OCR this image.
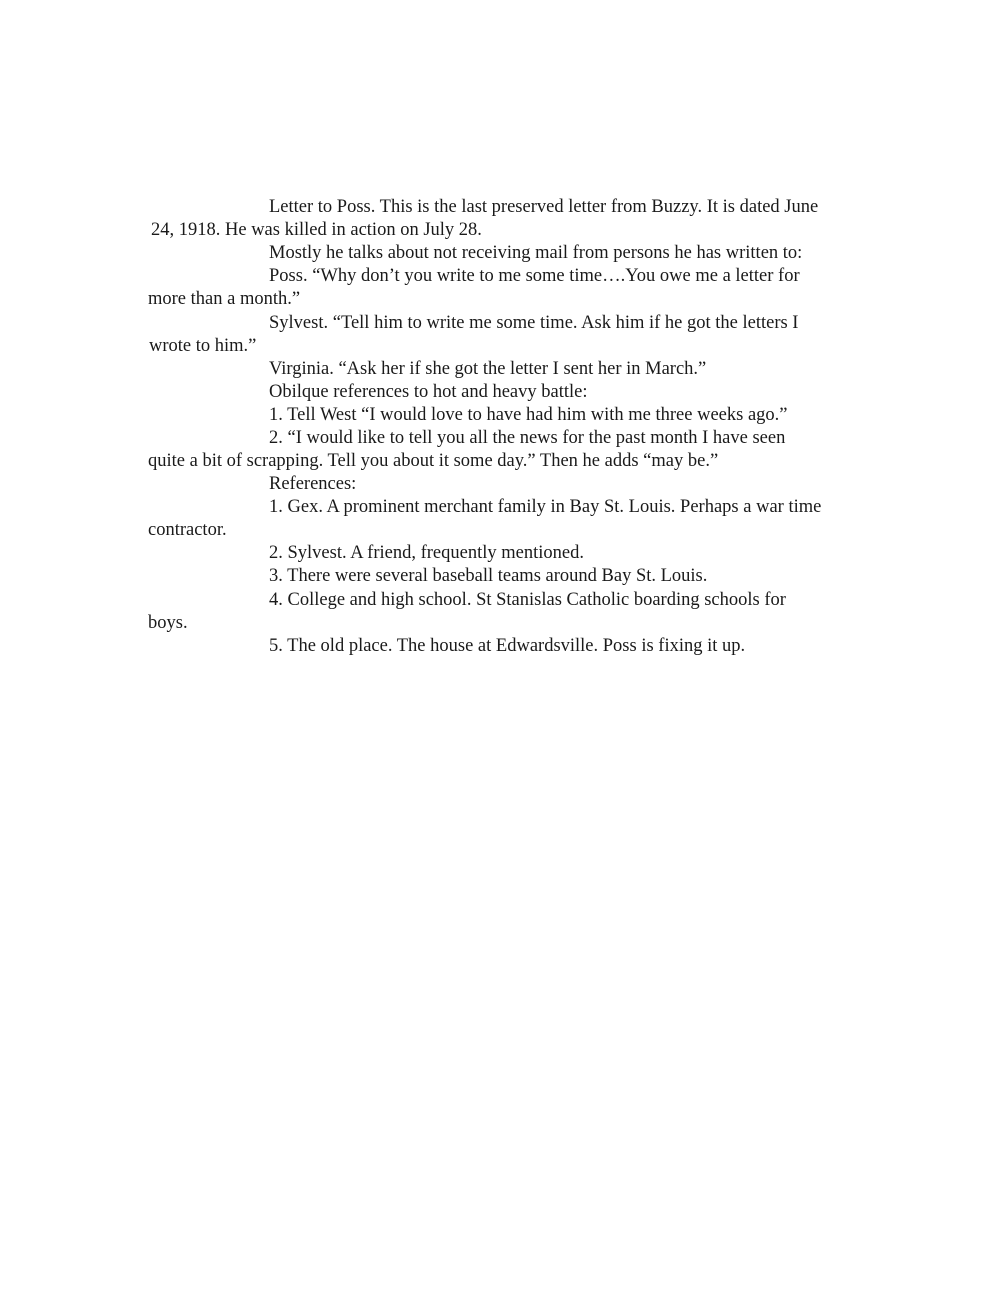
Letter to Poss. This is the last preserved letter from Buzzy. It is dated June
24, 1918. He was killed in action on July 28.
Mostly he talks about not receiving mail from persons he has written to:
Poss. “Why don’t you write to me some time….You owe me a letter for
more than a month.”
Sylvest. “Tell him to write me some time. Ask him if he got the letters I
wrote to him.”
Virginia. “Ask her if she got the letter I sent her in March.”
Obilque references to hot and heavy battle:
1. Tell West “I would love to have had him with me three weeks ago.”
2. “I would like to tell you all the news for the past month I have seen
quite a bit of scrapping. Tell you about it some day.” Then he adds “may be.”
References:
1. Gex. A prominent merchant family in Bay St. Louis. Perhaps a war time
contractor.
2. Sylvest. A friend, frequently mentioned.
3. There were several baseball teams around Bay St. Louis.
4. College and high school. St Stanislas Catholic boarding schools for
boys.
5. The old place. The house at Edwardsville. Poss is fixing it up.
